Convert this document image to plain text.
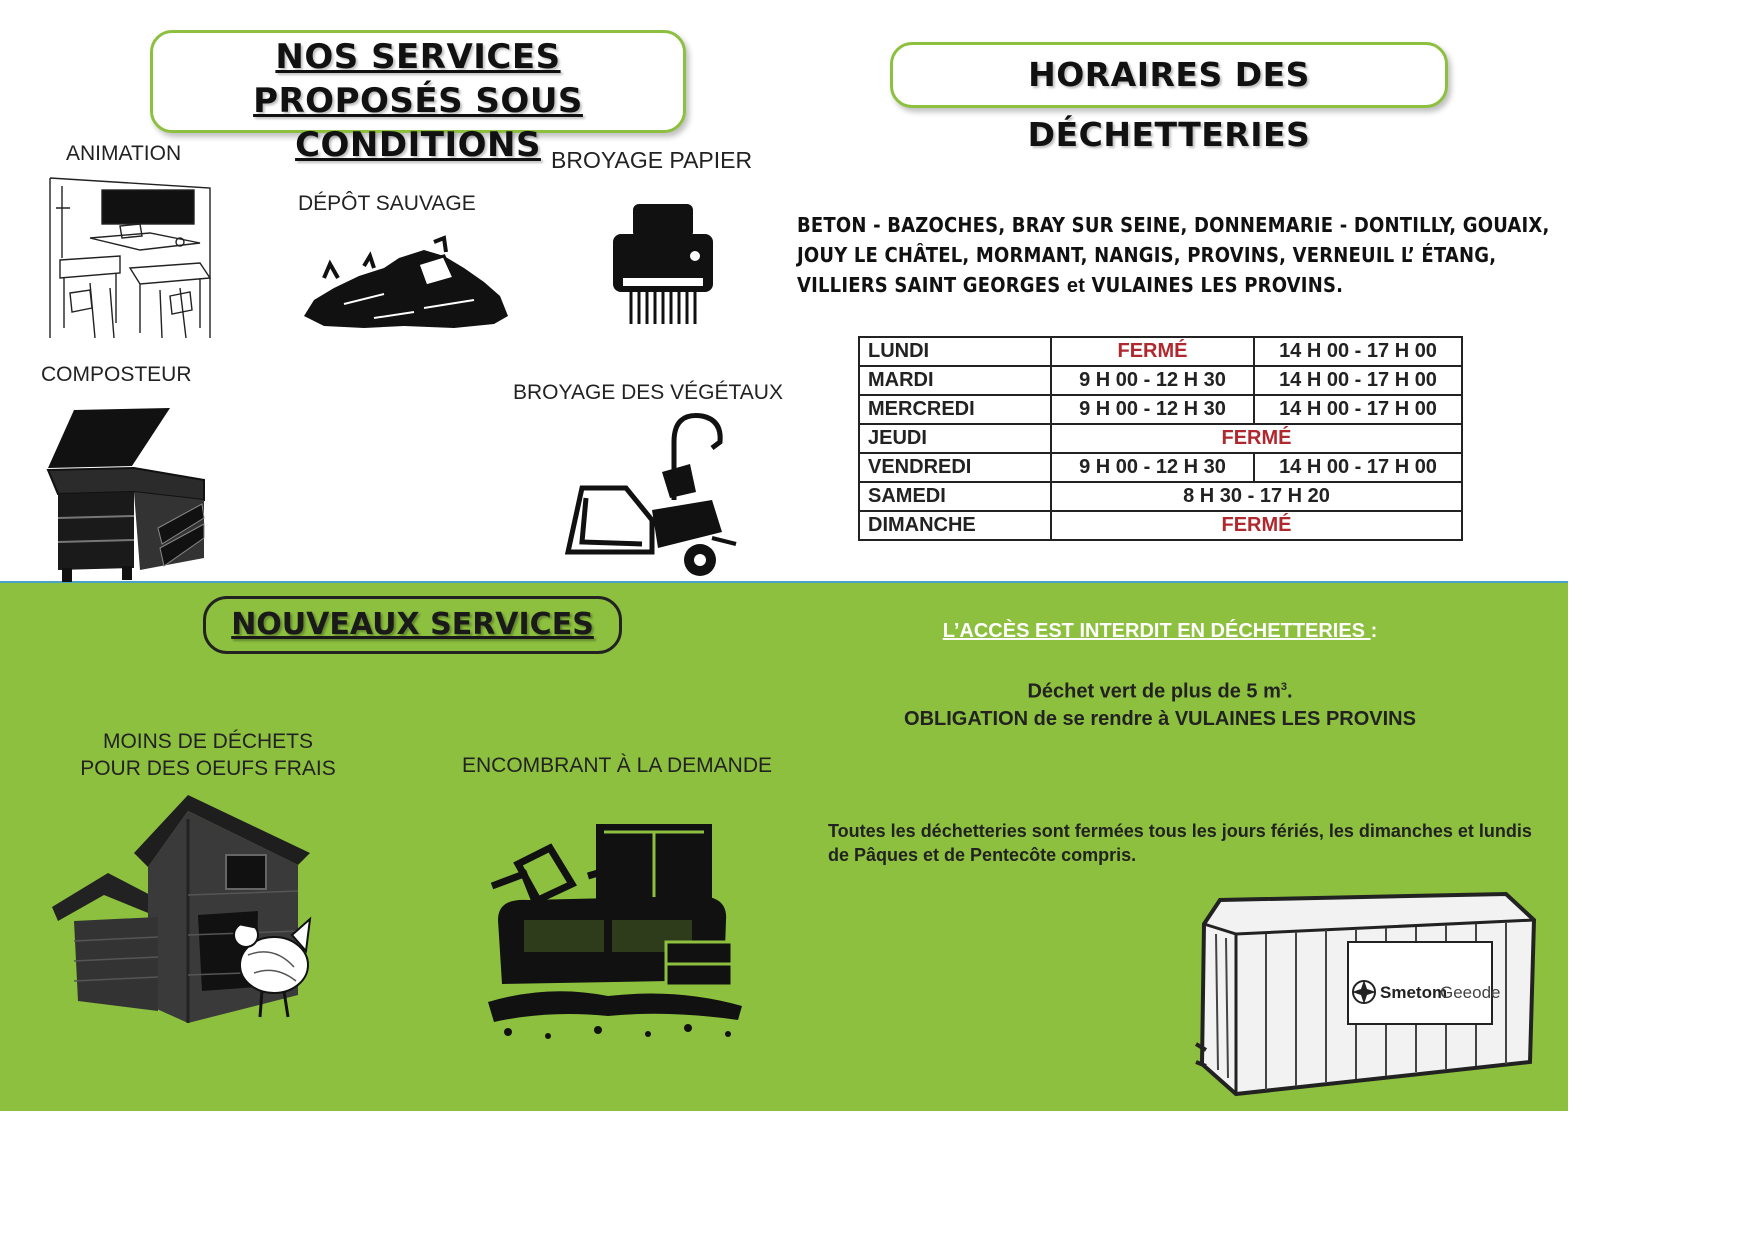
NOS SERVICES
PROPOSÉS SOUS CONDITIONS
HORAIRES DES DÉCHETTERIES
ANIMATION
DÉPÔT SAUVAGE
BROYAGE PAPIER
COMPOSTEUR
BROYAGE DES VÉGÉTAUX
BETON - BAZOCHES, BRAY SUR SEINE, DONNEMARIE - DONTILLY, GOUAIX, JOUY LE CHÂTEL, MORMANT, NANGIS, PROVINS, VERNEUIL L’ ÉTANG, VILLIERS SAINT GEORGES et VULAINES LES PROVINS.
LUNDI	FERMÉ	14 H 00 - 17 H 00
MARDI	9 H 00 - 12 H 30	14 H 00 - 17 H 00
MERCREDI	9 H 00 - 12 H 30	14 H 00 - 17 H 00
JEUDI	FERMÉ	
VENDREDI	9 H 00 - 12 H 30	14 H 00 - 17 H 00
SAMEDI	8 H 30 - 17 H 20	
DIMANCHE	FERMÉ	
NOUVEAUX SERVICES
MOINS DE DÉCHETS
POUR DES OEUFS FRAIS	ENCOMBRANT À LA DEMANDE
L’ACCÈS EST INTERDIT EN DÉCHETTERIES :
Déchet vert de plus de 5 $m^3$.
OBLIGATION de se rendre à VULAINES LES PROVINS
Toutes les déchetteries sont fermées tous les jours fériés, les dimanches et lundis de Pâques et de Pentecôte compris.
Smetom
Geeode
